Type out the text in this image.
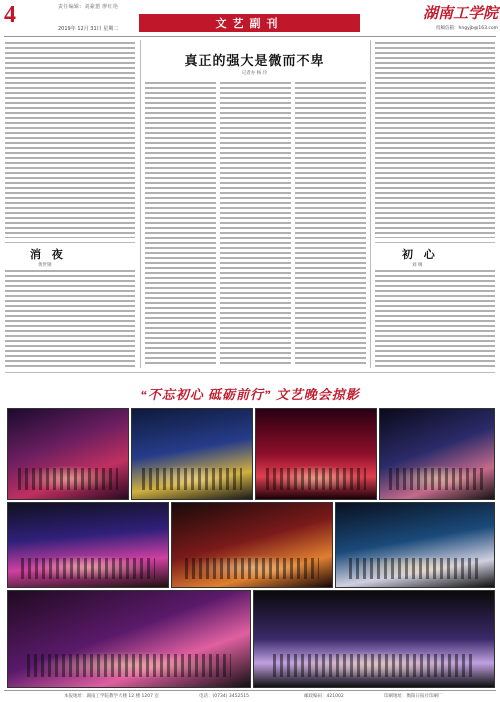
4	责任编辑：刘豪蕙 廖红艳
2019年 12月 31日 星期二	文艺副刊
湖南工学院
投稿信箱：hngyjb@163.com
真正的强大是微而不卑
记者办 杨 玲
消 夜
黄世钢
初 心
刘 璃
“不忘初心 砥砺前行” 文艺晚会掠影
本报地址：湖南工学院教学大楼 12 楼 1207 室	电话：(0734) 3452515	邮政编码：421002	印刷地址：衡阳日报社印刷厂
